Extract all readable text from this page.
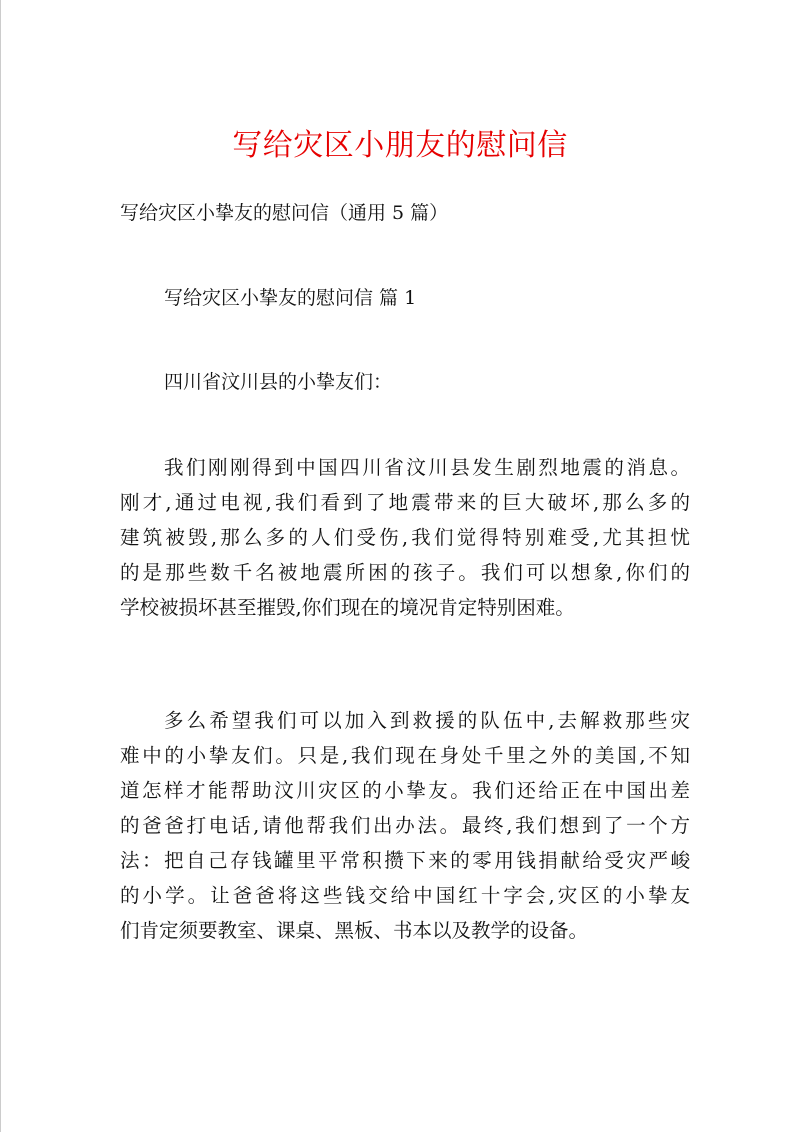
写给灾区小朋友的慰问信
写给灾区小挚友的慰问信（通用 5 篇）
写给灾区小挚友的慰问信 篇 1
四川省汶川县的小挚友们：
我们刚刚得到中国四川省汶川县发生剧烈地震的消息。
刚才,通过电视,我们看到了地震带来的巨大破坏,那么多的
建筑被毁,那么多的人们受伤,我们觉得特别难受,尤其担忧
的是那些数千名被地震所困的孩子。我们可以想象,你们的
学校被损坏甚至摧毁,你们现在的境况肯定特别困难。
多么希望我们可以加入到救援的队伍中,去解救那些灾
难中的小挚友们。只是,我们现在身处千里之外的美国,不知
道怎样才能帮助汶川灾区的小挚友。我们还给正在中国出差
的爸爸打电话,请他帮我们出办法。最终,我们想到了一个方
法：把自己存钱罐里平常积攒下来的零用钱捐献给受灾严峻
的小学。让爸爸将这些钱交给中国红十字会,灾区的小挚友
们肯定须要教室、课桌、黑板、书本以及教学的设备。
